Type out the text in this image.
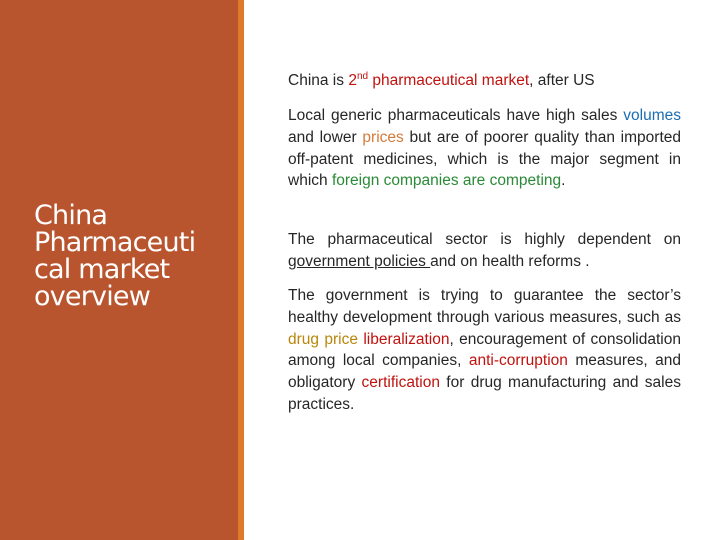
China
Pharmaceuti
cal market
overview

China is 2nd pharmaceutical market, after US

Local generic pharmaceuticals have high sales volumes and lower prices but are of poorer quality than imported off-patent medicines, which is the major segment in which foreign companies are competing.

The pharmaceutical sector is highly dependent on government policies and on health reforms .

The government is trying to guarantee the sector’s healthy development through various measures, such as drug price liberalization, encouragement of consolidation among local companies, anti-corruption measures, and obligatory certification for drug manufacturing and sales practices.
